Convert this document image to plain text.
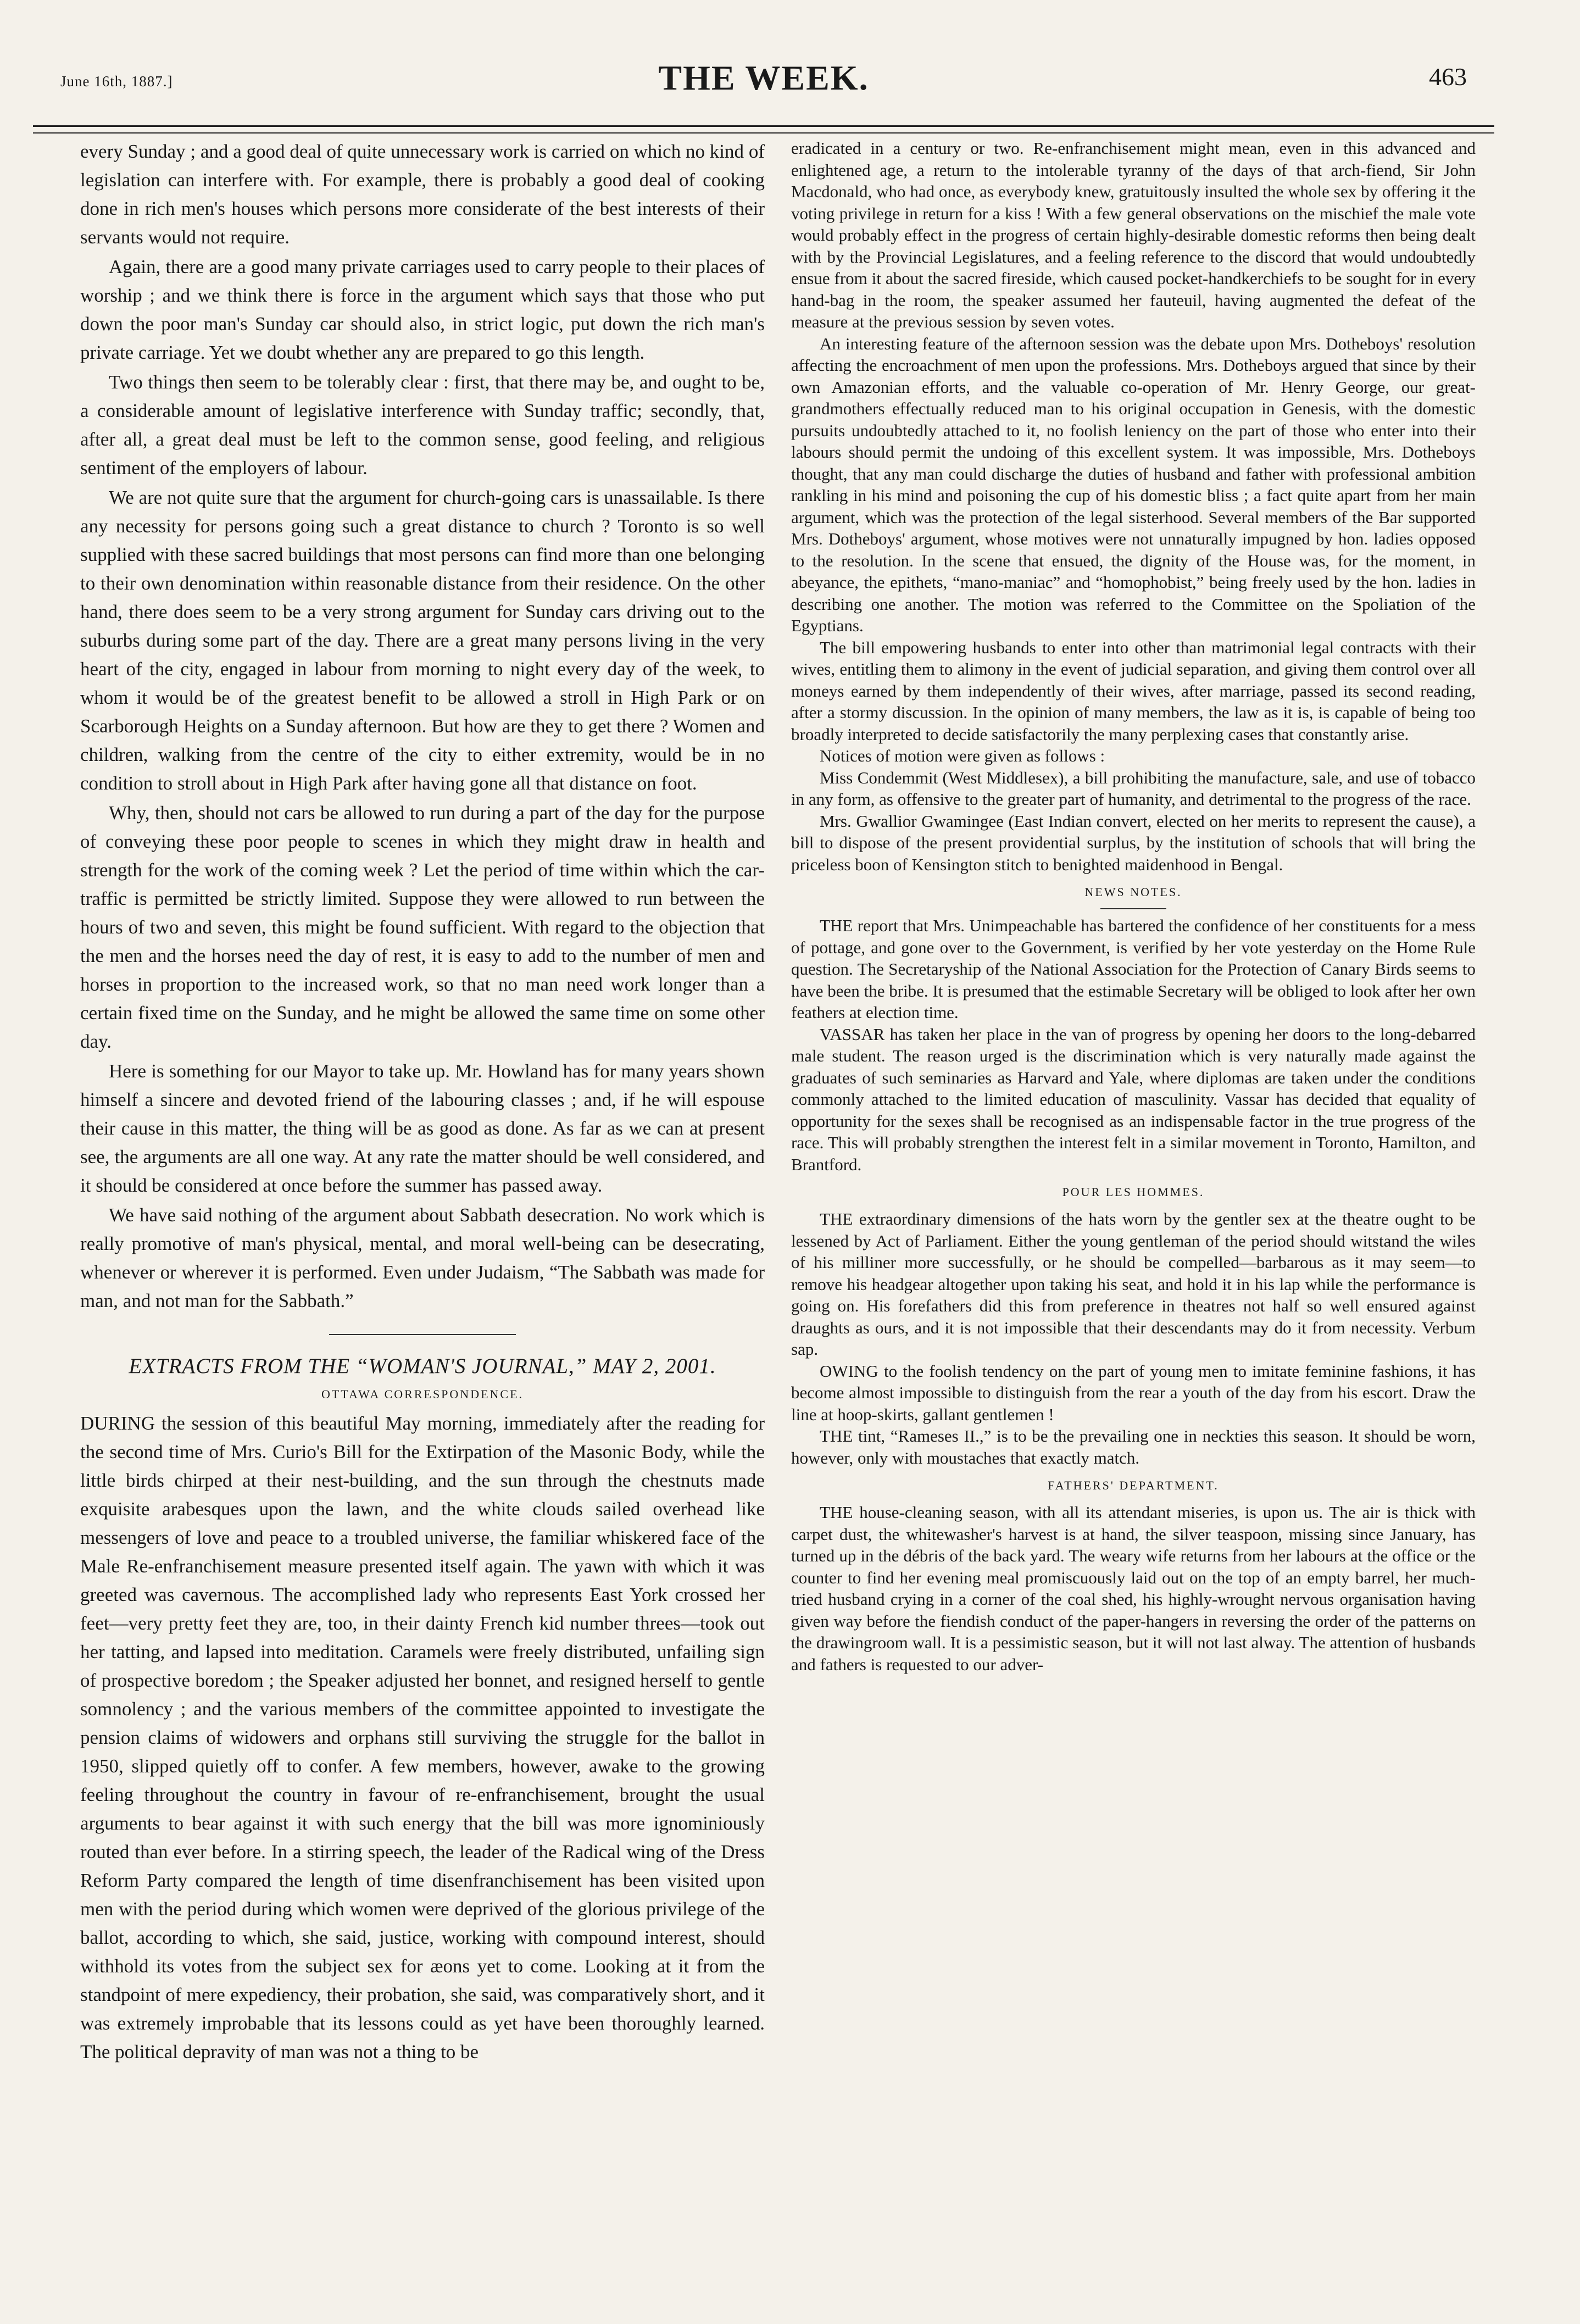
June 16th, 1887.]	THE WEEK.	463

every Sunday ; and a good deal of quite unnecessary work is carried on which no kind of legislation can interfere with. For example, there is probably a good deal of cooking done in rich men's houses which persons more considerate of the best interests of their servants would not require.

Again, there are a good many private carriages used to carry people to their places of worship ; and we think there is force in the argument which says that those who put down the poor man's Sunday car should also, in strict logic, put down the rich man's private carriage. Yet we doubt whether any are prepared to go this length.

Two things then seem to be tolerably clear : first, that there may be, and ought to be, a considerable amount of legislative interference with Sunday traffic; secondly, that, after all, a great deal must be left to the common sense, good feeling, and religious sentiment of the employers of labour.

We are not quite sure that the argument for church-going cars is unassailable. Is there any necessity for persons going such a great distance to church ? Toronto is so well supplied with these sacred buildings that most persons can find more than one belonging to their own denomination within reasonable distance from their residence. On the other hand, there does seem to be a very strong argument for Sunday cars driving out to the suburbs during some part of the day. There are a great many persons living in the very heart of the city, engaged in labour from morning to night every day of the week, to whom it would be of the greatest benefit to be allowed a stroll in High Park or on Scarborough Heights on a Sunday afternoon. But how are they to get there ? Women and children, walking from the centre of the city to either extremity, would be in no condition to stroll about in High Park after having gone all that distance on foot.

Why, then, should not cars be allowed to run during a part of the day for the purpose of conveying these poor people to scenes in which they might draw in health and strength for the work of the coming week ? Let the period of time within which the car-traffic is permitted be strictly limited. Suppose they were allowed to run between the hours of two and seven, this might be found sufficient. With regard to the objection that the men and the horses need the day of rest, it is easy to add to the number of men and horses in proportion to the increased work, so that no man need work longer than a certain fixed time on the Sunday, and he might be allowed the same time on some other day.

Here is something for our Mayor to take up. Mr. Howland has for many years shown himself a sincere and devoted friend of the labouring classes ; and, if he will espouse their cause in this matter, the thing will be as good as done. As far as we can at present see, the arguments are all one way. At any rate the matter should be well considered, and it should be considered at once before the summer has passed away.

We have said nothing of the argument about Sabbath desecration. No work which is really promotive of man's physical, mental, and moral well-being can be desecrating, whenever or wherever it is performed. Even under Judaism, “The Sabbath was made for man, and not man for the Sabbath.”

EXTRACTS FROM THE “WOMAN'S JOURNAL,” MAY 2, 2001.
OTTAWA CORRESPONDENCE.

DURING the session of this beautiful May morning, immediately after the reading for the second time of Mrs. Curio's Bill for the Extirpation of the Masonic Body, while the little birds chirped at their nest-building, and the sun through the chestnuts made exquisite arabesques upon the lawn, and the white clouds sailed overhead like messengers of love and peace to a troubled universe, the familiar whiskered face of the Male Re-enfranchisement measure presented itself again. The yawn with which it was greeted was cavernous. The accomplished lady who represents East York crossed her feet—very pretty feet they are, too, in their dainty French kid number threes—took out her tatting, and lapsed into meditation. Caramels were freely distributed, unfailing sign of prospective boredom ; the Speaker adjusted her bonnet, and resigned herself to gentle somnolency ; and the various members of the committee appointed to investigate the pension claims of widowers and orphans still surviving the struggle for the ballot in 1950, slipped quietly off to confer. A few members, however, awake to the growing feeling throughout the country in favour of re-enfranchisement, brought the usual arguments to bear against it with such energy that the bill was more ignominiously routed than ever before. In a stirring speech, the leader of the Radical wing of the Dress Reform Party compared the length of time disenfranchisement has been visited upon men with the period during which women were deprived of the glorious privilege of the ballot, according to which, she said, justice, working with compound interest, should withhold its votes from the subject sex for æons yet to come. Looking at it from the standpoint of mere expediency, their probation, she said, was comparatively short, and it was extremely improbable that its lessons could as yet have been thoroughly learned. The political depravity of man was not a thing to be

eradicated in a century or two. Re-enfranchisement might mean, even in this advanced and enlightened age, a return to the intolerable tyranny of the days of that arch-fiend, Sir John Macdonald, who had once, as everybody knew, gratuitously insulted the whole sex by offering it the voting privilege in return for a kiss ! With a few general observations on the mischief the male vote would probably effect in the progress of certain highly-desirable domestic reforms then being dealt with by the Provincial Legislatures, and a feeling reference to the discord that would undoubtedly ensue from it about the sacred fireside, which caused pocket-handkerchiefs to be sought for in every hand-bag in the room, the speaker assumed her fauteuil, having augmented the defeat of the measure at the previous session by seven votes.

An interesting feature of the afternoon session was the debate upon Mrs. Dotheboys' resolution affecting the encroachment of men upon the professions. Mrs. Dotheboys argued that since by their own Amazonian efforts, and the valuable co-operation of Mr. Henry George, our great-grandmothers effectually reduced man to his original occupation in Genesis, with the domestic pursuits undoubtedly attached to it, no foolish leniency on the part of those who enter into their labours should permit the undoing of this excellent system. It was impossible, Mrs. Dotheboys thought, that any man could discharge the duties of husband and father with professional ambition rankling in his mind and poisoning the cup of his domestic bliss ; a fact quite apart from her main argument, which was the protection of the legal sisterhood. Several members of the Bar supported Mrs. Dotheboys' argument, whose motives were not unnaturally impugned by hon. ladies opposed to the resolution. In the scene that ensued, the dignity of the House was, for the moment, in abeyance, the epithets, “mano-maniac” and “homophobist,” being freely used by the hon. ladies in describing one another. The motion was referred to the Committee on the Spoliation of the Egyptians.

The bill empowering husbands to enter into other than matrimonial legal contracts with their wives, entitling them to alimony in the event of judicial separation, and giving them control over all moneys earned by them independently of their wives, after marriage, passed its second reading, after a stormy discussion. In the opinion of many members, the law as it is, is capable of being too broadly interpreted to decide satisfactorily the many perplexing cases that constantly arise.

Notices of motion were given as follows :

Miss Condemmit (West Middlesex), a bill prohibiting the manufacture, sale, and use of tobacco in any form, as offensive to the greater part of humanity, and detrimental to the progress of the race.

Mrs. Gwallior Gwamingee (East Indian convert, elected on her merits to represent the cause), a bill to dispose of the present providential surplus, by the institution of schools that will bring the priceless boon of Kensington stitch to benighted maidenhood in Bengal.

NEWS NOTES.

THE report that Mrs. Unimpeachable has bartered the confidence of her constituents for a mess of pottage, and gone over to the Government, is verified by her vote yesterday on the Home Rule question. The Secretaryship of the National Association for the Protection of Canary Birds seems to have been the bribe. It is presumed that the estimable Secretary will be obliged to look after her own feathers at election time.

VASSAR has taken her place in the van of progress by opening her doors to the long-debarred male student. The reason urged is the discrimination which is very naturally made against the graduates of such seminaries as Harvard and Yale, where diplomas are taken under the conditions commonly attached to the limited education of masculinity. Vassar has decided that equality of opportunity for the sexes shall be recognised as an indispensable factor in the true progress of the race. This will probably strengthen the interest felt in a similar movement in Toronto, Hamilton, and Brantford.

POUR LES HOMMES.

THE extraordinary dimensions of the hats worn by the gentler sex at the theatre ought to be lessened by Act of Parliament. Either the young gentleman of the period should witstand the wiles of his milliner more successfully, or he should be compelled—barbarous as it may seem—to remove his headgear altogether upon taking his seat, and hold it in his lap while the performance is going on. His forefathers did this from preference in theatres not half so well ensured against draughts as ours, and it is not impossible that their descendants may do it from necessity. Verbum sap.

OWING to the foolish tendency on the part of young men to imitate feminine fashions, it has become almost impossible to distinguish from the rear a youth of the day from his escort. Draw the line at hoop-skirts, gallant gentlemen !

THE tint, “Rameses II.,” is to be the prevailing one in neckties this season. It should be worn, however, only with moustaches that exactly match.

FATHERS' DEPARTMENT.

THE house-cleaning season, with all its attendant miseries, is upon us. The air is thick with carpet dust, the whitewasher's harvest is at hand, the silver teaspoon, missing since January, has turned up in the débris of the back yard. The weary wife returns from her labours at the office or the counter to find her evening meal promiscuously laid out on the top of an empty barrel, her much-tried husband crying in a corner of the coal shed, his highly-wrought nervous organisation having given way before the fiendish conduct of the paper-hangers in reversing the order of the patterns on the drawingroom wall. It is a pessimistic season, but it will not last alway. The attention of husbands and fathers is requested to our adver-
